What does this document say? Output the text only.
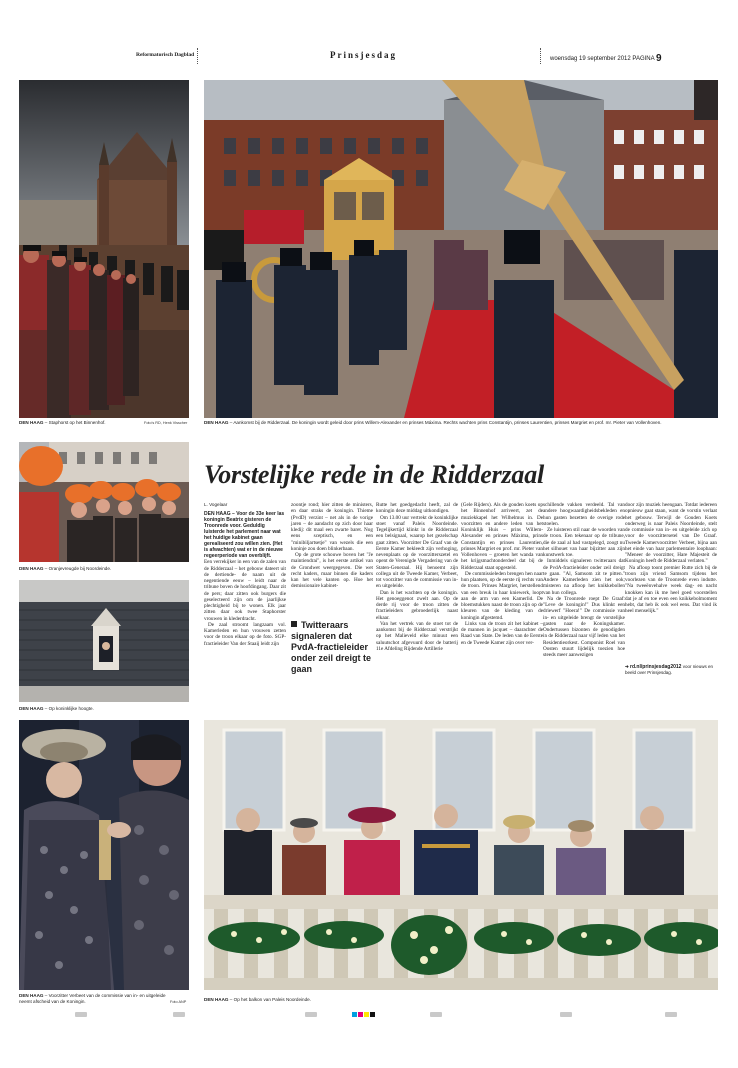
Reformatorisch Dagblad	Prinsjesdag	woensdag 19 september 2012 PAGINA 9
DEN HAAG – Staphorst op het Binnenhof.	Foto's RD, Henk Visscher	DEN HAAG – Aankomst bij de Ridderzaal. De koningin wordt geleid door prins Willem-Alexander en prinses Máxima. Rechts wachten prins Constantijn, prinses Laurentien, prinses Margriet en prof. mr. Pieter van Vollenhoven.
DEN HAAG – Oranjevreugde bij Noordeinde.
DEN HAAG – Op koninklijke hoogte.
DEN HAAG – Voorzitter Verbeet van de commissie van in- en uitgeleide neemt afscheid van de Koningin.	Foto ANP	DEN HAAG – Op het balkon van Paleis Noordeinde.
Vorstelijke rede in de Ridderzaal
L. Vogelaar

DEN HAAG – Voor de 33e keer las koningin Beatrix gisteren de Troonrede voor. Geduldig luisterde het parlement naar wat het huidige kabinet gaan gerealiseerd zou willen zien. (Het is afwachten) wat er in de nieuwe regeerperiode van overblijft.

Een verrekijker in een van de zalen van de Ridderzaal – het gebouw dateert uit de dertiende- de naam uit de negentiende eeuw – leidt naar de tribune boven de hoofdingang. Daar zit de pers; daar zitten ook burgers die geselecteerd zijn om de jaarlijkse plechtigheid bij te wonen. Elk jaar zitten daar ook twee Staphorster vrouwen in klederdracht.

De zaal stroomt langzaam vol. Kamerleden en hun vrouwen zetten voor de troon elkaar op de foto. SGP-fractieleider Van der Staaij leidt zijn

zoontje rond; hier zitten de ministers, en daar straks de koningin. Thieme (PvdD) verzint – net als in de vorige jaren – de aandacht op zich door haar kledij: dit maal een zwarte baret. Nog eens sceptisch, en een "minibiljartsetje" van wezels die een koninje zou doen blinkerbaan.

Op de grote schouwe boven het "Je maintiendrai", is het eerste artikel van de Grondwet weergegeven. Die wet recht kaders, maar binnen die kaders kan het vele kanten op. Hoe het demissionaire kabinet-

Twitteraars signaleren dat PvdA-fractieleider onder zeil dreigt te gaan

Rutte het goedgedacht heeft, zal de koningin deze middag uitkondigen.

Om 13.00 uur vertrekt de koninklijke stoet vanaf Paleis Noordeinde. Tegelijkertijd klinkt in de Ridderzaal een belsignaal, waarop het gezelschap gaat zitten. Voorzitter De Graaf van de Eerste Kamer bekleedt zijn verhoging, nevenplaats op de voorzitterszetel en opent de Verenigde Vergadering van de Staten-Generaal. Hij benoemt zijn collega uit de Tweede Kamer, Verbeet, tot voorzitter van de commissie van in- en uitgeleide.

Dan is het wachten op de koningin. Het genoeggenot zwelt aan. Op de derde rij voor de troon zitten de fractieleiders gebroederlijk naast elkaar.

Van het vertrek van de stoet tot de aankomst bij de Ridderzaal verstrijkt op het Malieveld elke minuut een saluutschot afgevuurd door de batterij 11e Afdeling Rijdende Artillerie

(Gele Rijders). Als de gouden koets op het Binnenhof arriveert, zet de muziekkapel het Wilhelmus in. De voorzitten en andere leden van het Koninklijk Huis – prins Willem-Alexander en prinses Máxima, prins Constantijn en prinses Laurentien, prinses Margriet en prof. mr. Pieter van Vollenhoven – groeten het wanda van het krijgsmachtonderdeel dat bij de Ridderzaal staat opgesteld.

De commissieleden brengen hen naar hun plaatsen, op de eerste rij rechts van de troon. Prinses Margriet, herstellend van een breuk in haar kniewerk, loopt aan de arm van een Kamerlid. De bloemstukken naast de troon zijn op de kleuren van de kleding van de koningin afgestemd.

Links van de troon zit het kabinet – de mannen in jacquet – daarachter de Raad van State. De leden van de Eerste en de Tweede Kamer zijn over ver-

schillende vakken verdeeld. Tal van andere hoogwaardigheidsbekleden en hun gasten bezetten de overige rode stoelen.

Ze luisteren stil naar de woorden van de troon. Een tekenaar op de tribune, die de zaal al had vastgelegd, zoogt nu het silhouet van haar bijzitter aan zijn kunstwerk toe.

Inmiddels signaleren twitteraars dat de PvdA-fractieleider onder zeil dreigt te gaan. "Al, Samsom zit te pitten." Andere Kamerleden zien het ook; misteren na afloop het knikkebollen van hun collega.

Na de Troonrede roept De Graaf: "Leve de koningin!" Dus klinkt een driewerf "Hoera!" De commissie van in- en uitgeleide brengt de vorstelijke gasten naar de Koningskamer. Ondertussen bizonten de genodigden in de Ridderzaal naar vijf leden van het Residentieorkest. Componist Roel van Oosten stuurt lijdelijk toezien hoe steeds meer aanwezigen

door zijn muziek heengaan. Totdat iedereen opnieuw gaat staan, want de vorstin verlaat het gebouw. Terwijl de Gouden Koets onderweg is naar Paleis Noordeinde, stelt de commissie van in- en uitgeleide zich op voor de voorzittersetel van De Graaf. Tweede Kamervoorzitter Verbeet, bijna aan het einde van haar parlementaire loopbaan: "Meneer de voorzitter, Hare Majesteit de Koningin heeft de Ridderzaal verlaten."

Na afloop toont premier Rutte zich bij de troon zijn vriend Samsom tijdens het voorlezen van de Troonrede even indutte. "Na tweeënvehalve week dag- en nacht knokken kan ik me heel goed voorstellen dat je af en toe even een knikkebolmoment hebt, dat heb ik ook wel eens. Dat vind ik heel menselijk."

➔ rd.nl/prinsjesdag2012 voor nieuws en beeld over Prinsjesdag.
